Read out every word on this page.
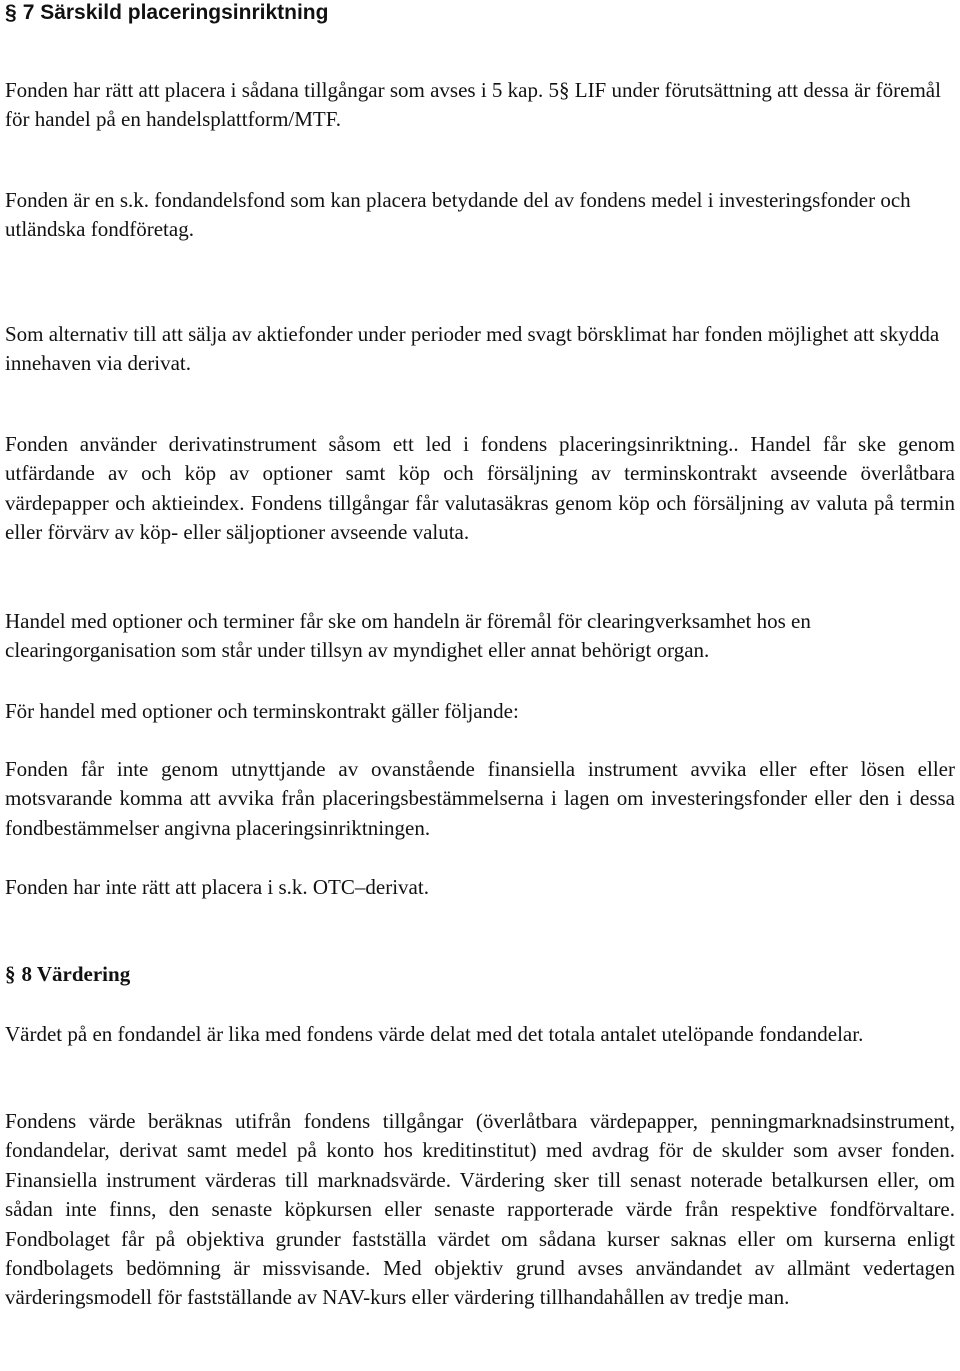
§ 7 Särskild placeringsinriktning

Fonden har rätt att placera i sådana tillgångar som avses i 5 kap. 5§ LIF under förutsättning att dessa är föremål för handel på en handelsplattform/MTF.

Fonden är en s.k. fondandelsfond som kan placera betydande del av fondens medel i investeringsfonder och utländska fondföretag.

Som alternativ till att sälja av aktiefonder under perioder med svagt börsklimat har fonden möjlighet att skydda innehaven via derivat.

Fonden använder derivatinstrument såsom ett led i fondens placeringsinriktning.. Handel får ske genom utfärdande av och köp av optioner samt köp och försäljning av terminskontrakt avseende överlåtbara värdepapper och aktieindex. Fondens tillgångar får valutasäkras genom köp och försäljning av valuta på termin eller förvärv av köp- eller säljoptioner avseende valuta.

Handel med optioner och terminer får ske om handeln är föremål för clearingverksamhet hos en clearingorganisation som står under tillsyn av myndighet eller annat behörigt organ.

För handel med optioner och terminskontrakt gäller följande:

Fonden får inte genom utnyttjande av ovanstående finansiella instrument avvika eller efter lösen eller motsvarande komma att avvika från placeringsbestämmelserna i lagen om investeringsfonder eller den i dessa fondbestämmelser angivna placeringsinriktningen.

Fonden har inte rätt att placera i s.k. OTC–derivat.

§ 8 Värdering

Värdet på en fondandel är lika med fondens värde delat med det totala antalet utelöpande fondandelar.

Fondens värde beräknas utifrån fondens tillgångar (överlåtbara värdepapper, penningmarknadsinstrument, fondandelar, derivat samt medel på konto hos kreditinstitut) med avdrag för de skulder som avser fonden. Finansiella instrument värderas till marknadsvärde. Värdering sker till senast noterade betalkursen eller, om sådan inte finns, den senaste köpkursen eller senaste rapporterade värde från respektive fondförvaltare. Fondbolaget får på objektiva grunder fastställa värdet om sådana kurser saknas eller om kurserna enligt fondbolagets bedömning är missvisande. Med objektiv grund avses användandet av allmänt vedertagen värderingsmodell för fastställande av NAV-kurs eller värdering tillhandahållen av tredje man.
